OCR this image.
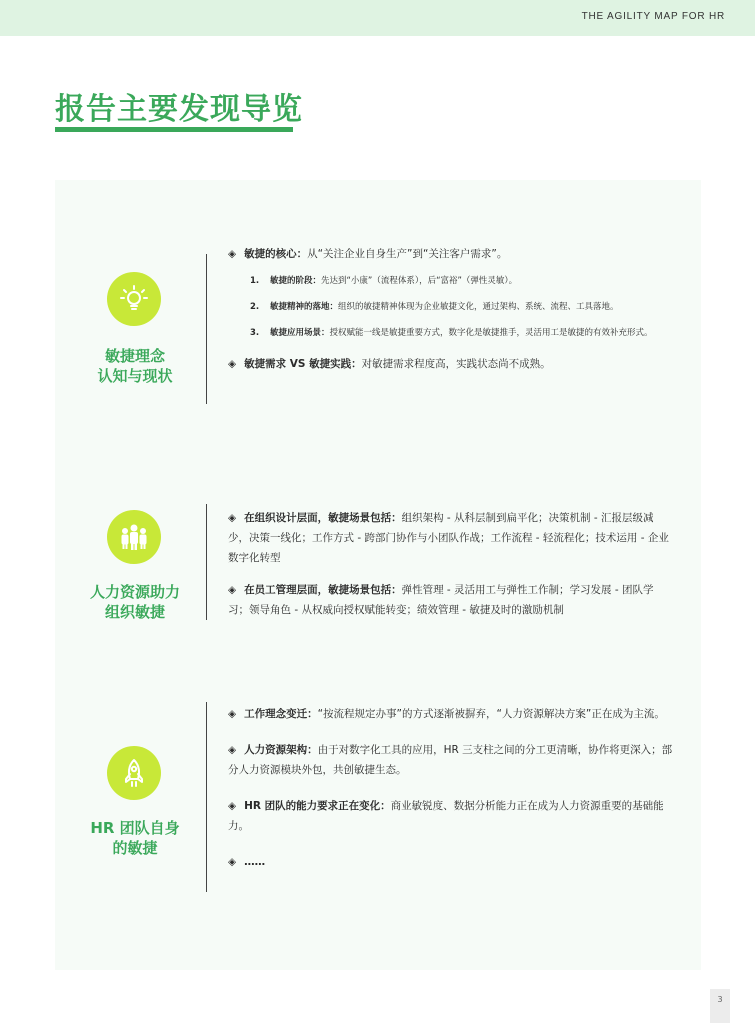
THE AGILITY MAP FOR HR
报告主要发现导览
敏捷理念
认知与现状
◈ 敏捷的核心：从“关注企业自身生产”到“关注客户需求”。
1. 敏捷的阶段：先达到“小康”（流程体系），后“富裕”（弹性灵敏）。
2. 敏捷精神的落地：组织的敏捷精神体现为企业敏捷文化，通过架构、系统、流程、工具落地。
3. 敏捷应用场景：授权赋能一线是敏捷重要方式，数字化是敏捷推手，灵活用工是敏捷的有效补充形式。
◈ 敏捷需求 VS 敏捷实践：对敏捷需求程度高，实践状态尚不成熟。
人力资源助力
组织敏捷
◈ 在组织设计层面，敏捷场景包括：组织架构 - 从科层制到扁平化；决策机制 - 汇报层级减少，决策一线化；工作方式 - 跨部门协作与小团队作战；工作流程 - 轻流程化；技术运用 - 企业数字化转型
◈ 在员工管理层面，敏捷场景包括：弹性管理 - 灵活用工与弹性工作制；学习发展 - 团队学习；领导角色 - 从权威向授权赋能转变；绩效管理 - 敏捷及时的激励机制
HR 团队自身
的敏捷
◈ 工作理念变迁：“按流程规定办事”的方式逐渐被摒弃，“人力资源解决方案”正在成为主流。
◈ 人力资源架构：由于对数字化工具的应用，HR 三支柱之间的分工更清晰，协作将更深入；部分人力资源模块外包，共创敏捷生态。
◈ HR 团队的能力要求正在变化：商业敏锐度、数据分析能力正在成为人力资源重要的基础能力。
◈ ……
3
